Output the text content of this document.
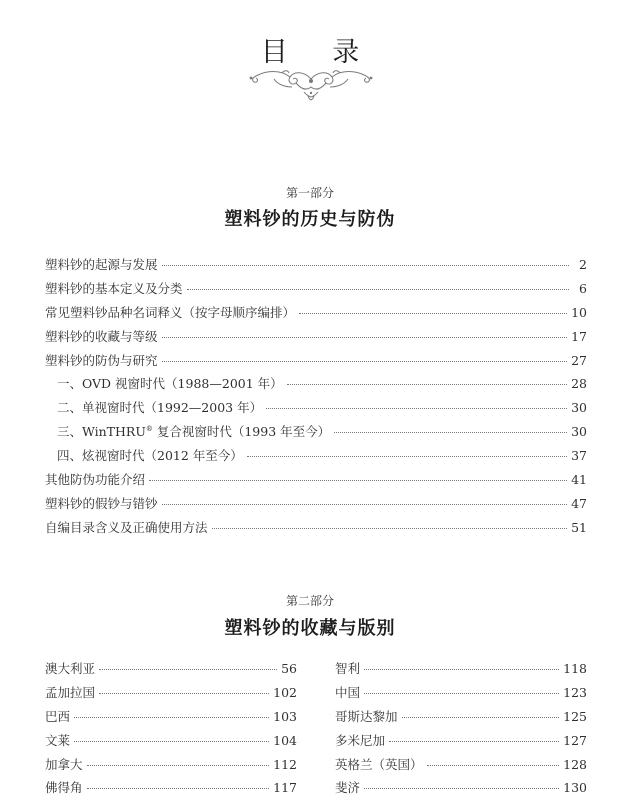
目 录
第一部分
塑料钞的历史与防伪
塑料钞的起源与发展	2
塑料钞的基本定义及分类	6
常见塑料钞品种名词释义（按字母顺序编排）	10
塑料钞的收藏与等级	17
塑料钞的防伪与研究	27
一、OVD 视窗时代（1988—2001 年）	28
二、单视窗时代（1992—2003 年）	30
三、WinTHRU® 复合视窗时代（1993 年至今）	30
四、炫视窗时代（2012 年至今）	37
其他防伪功能介绍	41
塑料钞的假钞与错钞	47
自编目录含义及正确使用方法	51
第二部分
塑料钞的收藏与版别
澳大利亚	56
孟加拉国	102
巴西	103
文莱	104
加拿大	112
佛得角	117
智利	118
中国	123
哥斯达黎加	125
多米尼加	127
英格兰（英国）	128
斐济	130
